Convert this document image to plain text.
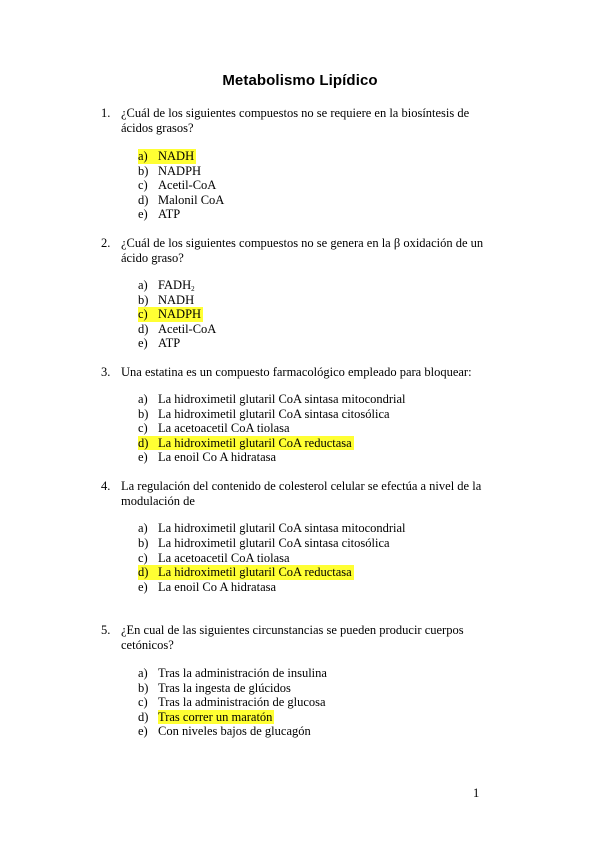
Metabolismo Lipídico
1. ¿Cuál de los siguientes compuestos no se requiere en la biosíntesis de
ácidos grasos?
a) NADH
b) NADPH
c) Acetil-CoA
d) Malonil CoA
e) ATP
2. ¿Cuál de los siguientes compuestos no se genera en la β oxidación de un
ácido graso?
a) $FADH_2$
b) NADH
c) NADPH
d) Acetil-CoA
e) ATP
3. Una estatina es un compuesto farmacológico empleado para bloquear:
a) La hidroximetil glutaril CoA sintasa mitocondrial
b) La hidroximetil glutaril CoA sintasa citosólica
c) La acetoacetil CoA tiolasa
d) La hidroximetil glutaril CoA reductasa
e) La enoil Co A hidratasa
4. La regulación del contenido de colesterol celular se efectúa a nivel de la
modulación de
a) La hidroximetil glutaril CoA sintasa mitocondrial
b) La hidroximetil glutaril CoA sintasa citosólica
c) La acetoacetil CoA tiolasa
d) La hidroximetil glutaril CoA reductasa
e) La enoil Co A hidratasa
5. ¿En cual de las siguientes circunstancias se pueden producir cuerpos
cetónicos?
a) Tras la administración de insulina
b) Tras la ingesta de glúcidos
c) Tras la administración de glucosa
d) Tras correr un maratón
e) Con niveles bajos de glucagón
1
